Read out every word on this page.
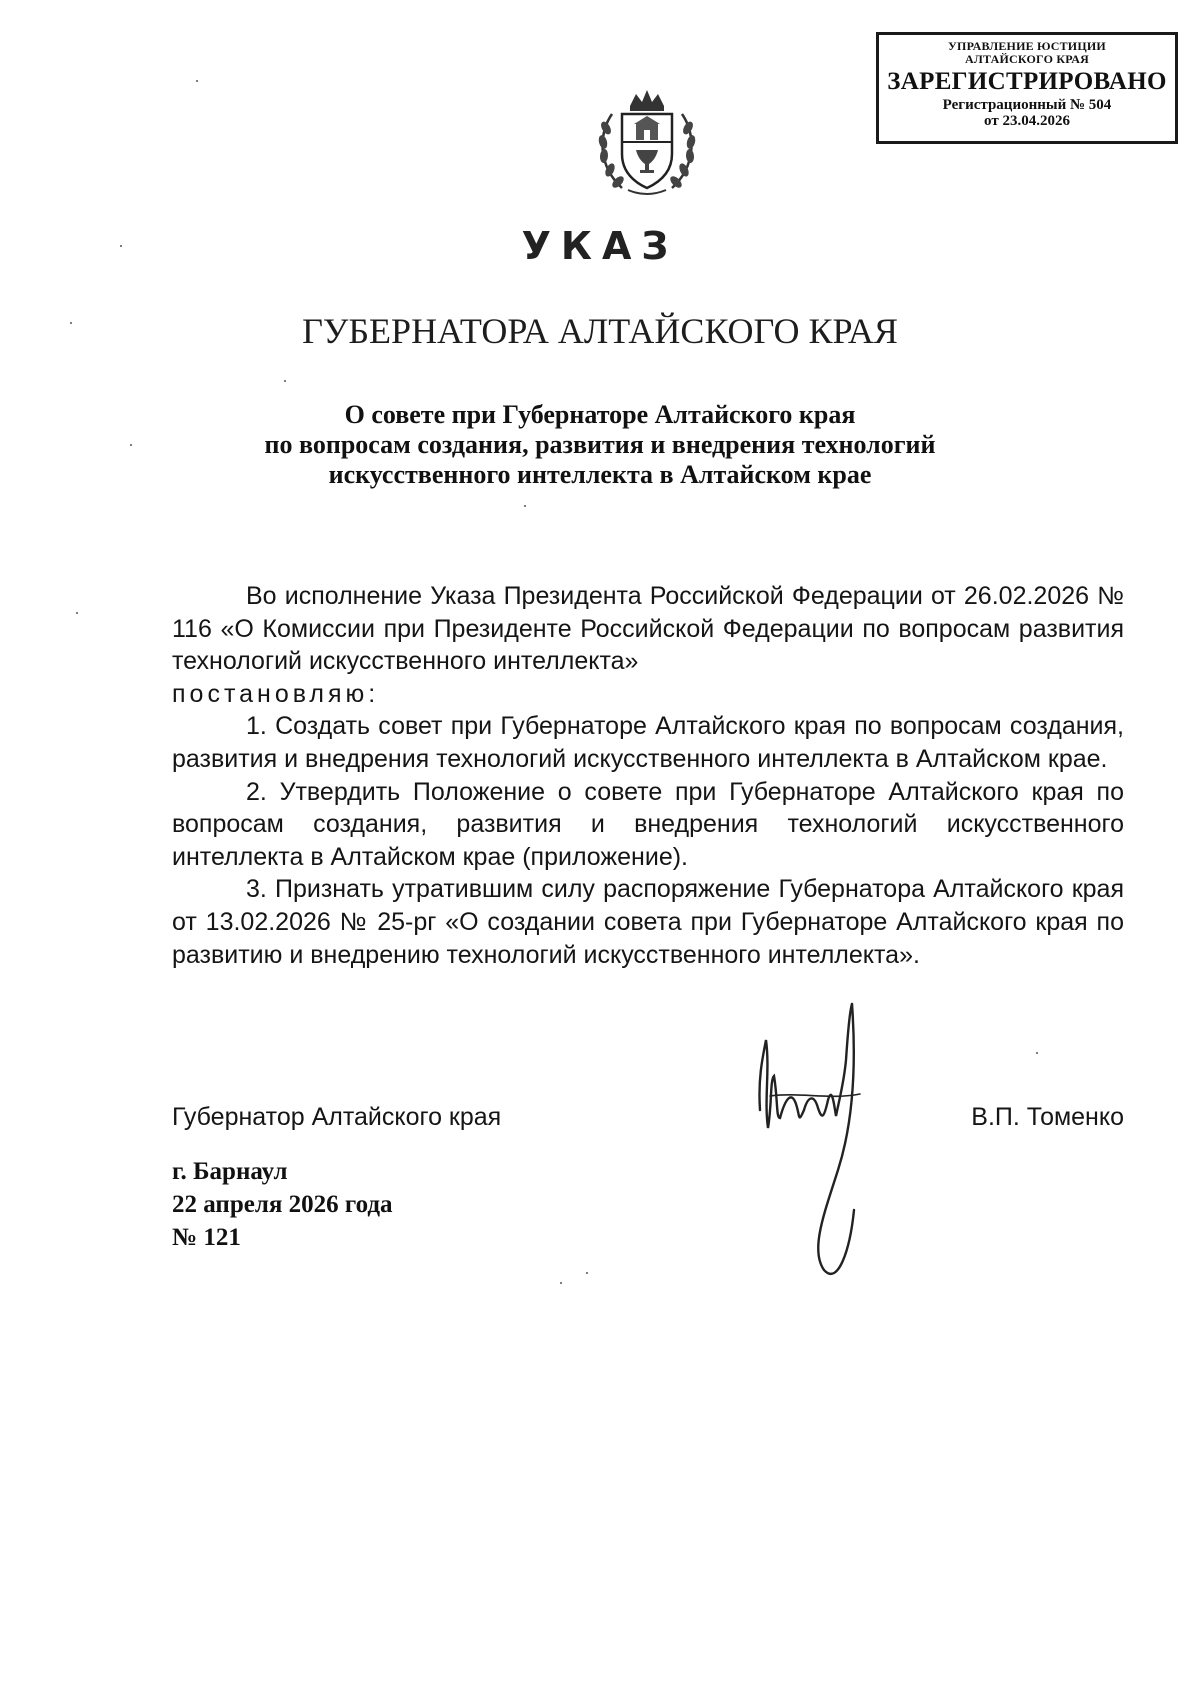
УПРАВЛЕНИЕ ЮСТИЦИИ
АЛТАЙСКОГО КРАЯ
ЗАРЕГИСТРИРОВАНО
Регистрационный № 504
от 23.04.2026
УКАЗ
ГУБЕРНАТОРА АЛТАЙСКОГО КРАЯ
О совете при Губернаторе Алтайского края
по вопросам создания, развития и внедрения технологий
искусственного интеллекта в Алтайском крае

Во исполнение Указа Президента Российской Федерации от 26.02.2026 № 116 «О Комиссии при Президенте Российской Федерации по вопросам развития технологий искусственного интеллекта»

постановляю:

1. Создать совет при Губернаторе Алтайского края по вопросам создания, развития и внедрения технологий искусственного интеллекта в Алтайском крае.

2. Утвердить Положение о совете при Губернаторе Алтайского края по вопросам создания, развития и внедрения технологий искусственного интеллекта в Алтайском крае (приложение).

3. Признать утратившим силу распоряжение Губернатора Алтайского края от 13.02.2026 № 25-рг «О создании совета при Губернаторе Алтайского края по развитию и внедрению технологий искусственного интеллекта».

Губернатор Алтайского края	В.П. Томенко
г. Барнаул
22 апреля 2026 года
№ 121
